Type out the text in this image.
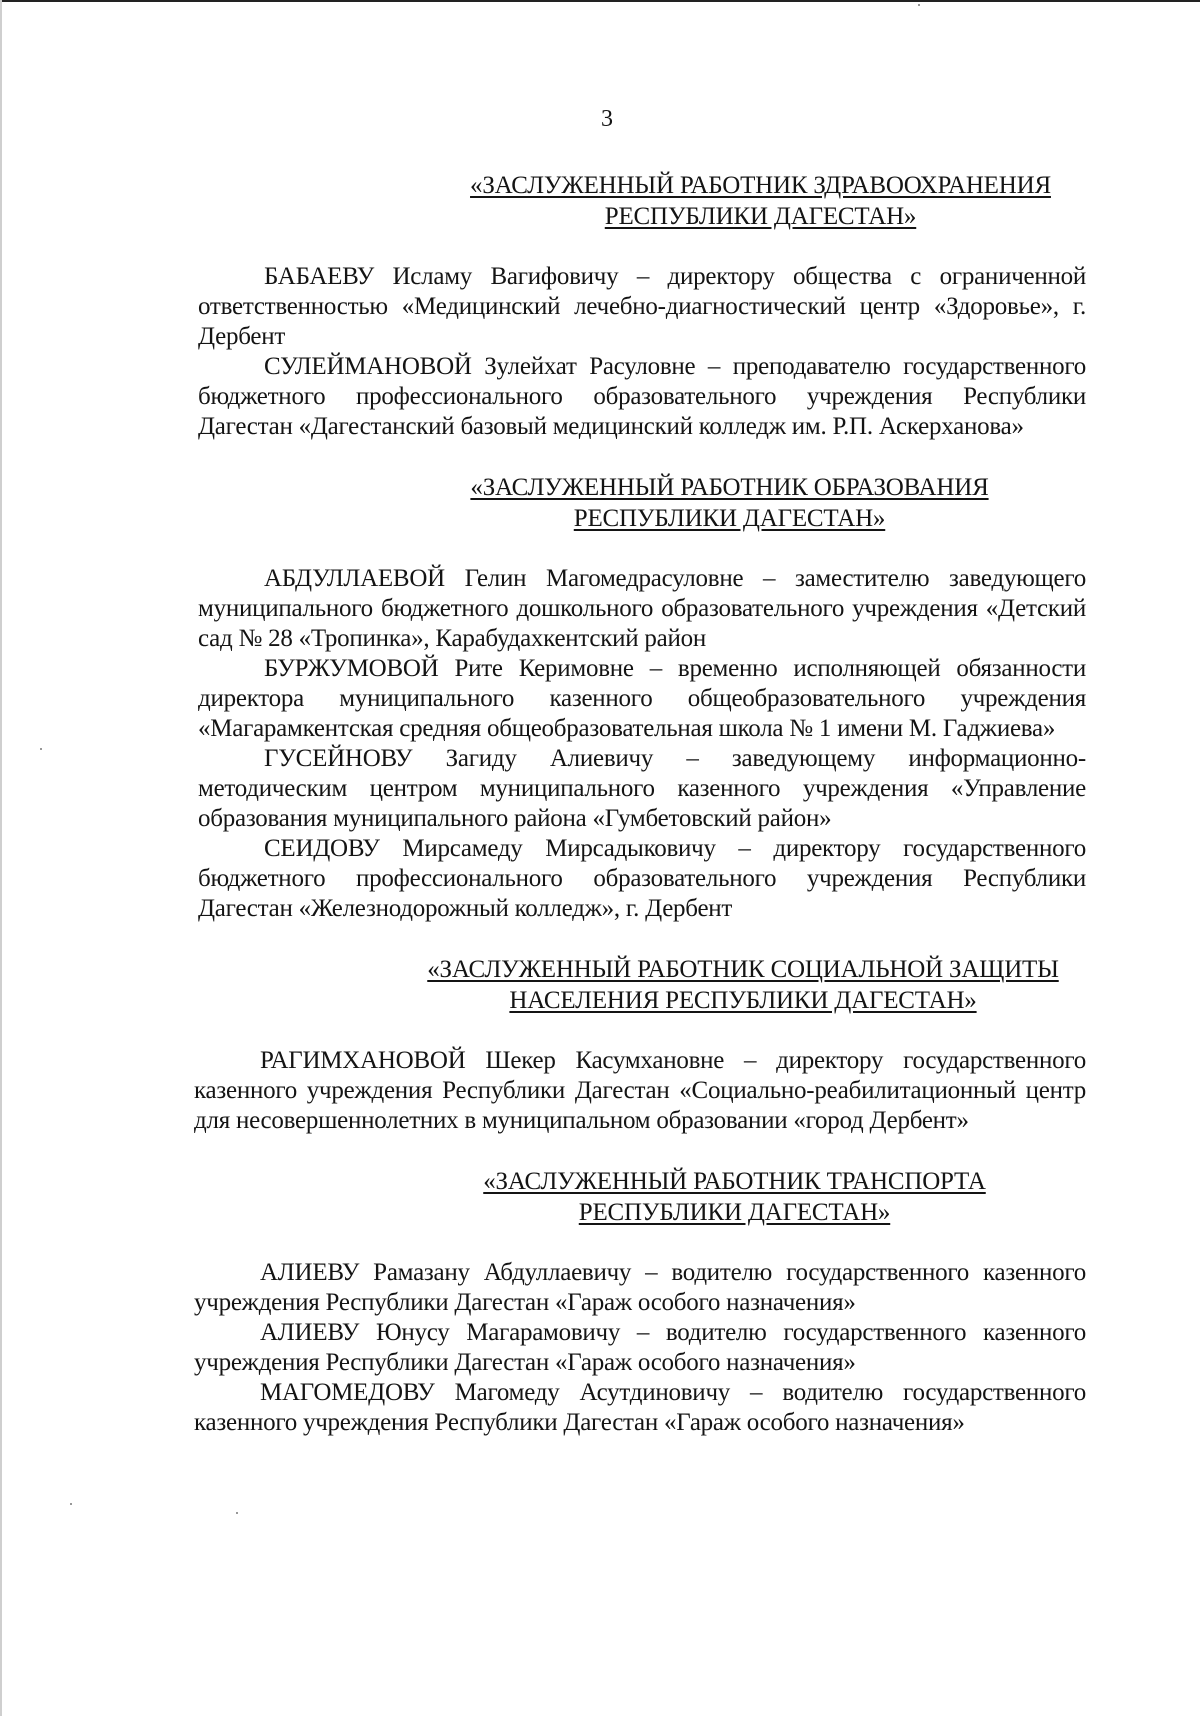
3
«ЗАСЛУЖЕННЫЙ РАБОТНИК ЗДРАВООХРАНЕНИЯ
РЕСПУБЛИКИ ДАГЕСТАН»

БАБАЕВУ Исламу Вагифовичу – директору общества с ограниченной ответственностью «Медицинский лечебно-диагностический центр «Здоровье», г. Дербент

СУЛЕЙМАНОВОЙ Зулейхат Расуловне – преподавателю государственного бюджетного профессионального образовательного учреждения Республики Дагестан «Дагестанский базовый медицинский колледж им. Р.П. Аскерханова»

«ЗАСЛУЖЕННЫЙ РАБОТНИК ОБРАЗОВАНИЯ
РЕСПУБЛИКИ ДАГЕСТАН»

АБДУЛЛАЕВОЙ Гелин Магомедрасуловне – заместителю заведующего муниципального бюджетного дошкольного образовательного учреждения «Детский сад № 28 «Тропинка», Карабудахкентский район

БУРЖУМОВОЙ Рите Керимовне – временно исполняющей обязанности директора муниципального казенного общеобразовательного учреждения «Магарамкентская средняя общеобразовательная школа № 1 имени М. Гаджиева»

ГУСЕЙНОВУ Загиду Алиевичу – заведующему информационно-методическим центром муниципального казенного учреждения «Управление образования муниципального района «Гумбетовский район»

СЕИДОВУ Мирсамеду Мирсадыковичу – директору государственного бюджетного профессионального образовательного учреждения Республики Дагестан «Железнодорожный колледж», г. Дербент

«ЗАСЛУЖЕННЫЙ РАБОТНИК СОЦИАЛЬНОЙ ЗАЩИТЫ
НАСЕЛЕНИЯ РЕСПУБЛИКИ ДАГЕСТАН»

РАГИМХАНОВОЙ Шекер Касумхановне – директору государственного казенного учреждения Республики Дагестан «Социально-реабилитационный центр для несовершеннолетних в муниципальном образовании «город Дербент»

«ЗАСЛУЖЕННЫЙ РАБОТНИК ТРАНСПОРТА
РЕСПУБЛИКИ ДАГЕСТАН»

АЛИЕВУ Рамазану Абдуллаевичу – водителю государственного казенного учреждения Республики Дагестан «Гараж особого назначения»

АЛИЕВУ Юнусу Магарамовичу – водителю государственного казенного учреждения Республики Дагестан «Гараж особого назначения»

МАГОМЕДОВУ Магомеду Асутдиновичу – водителю государственного казенного учреждения Республики Дагестан «Гараж особого назначения»
